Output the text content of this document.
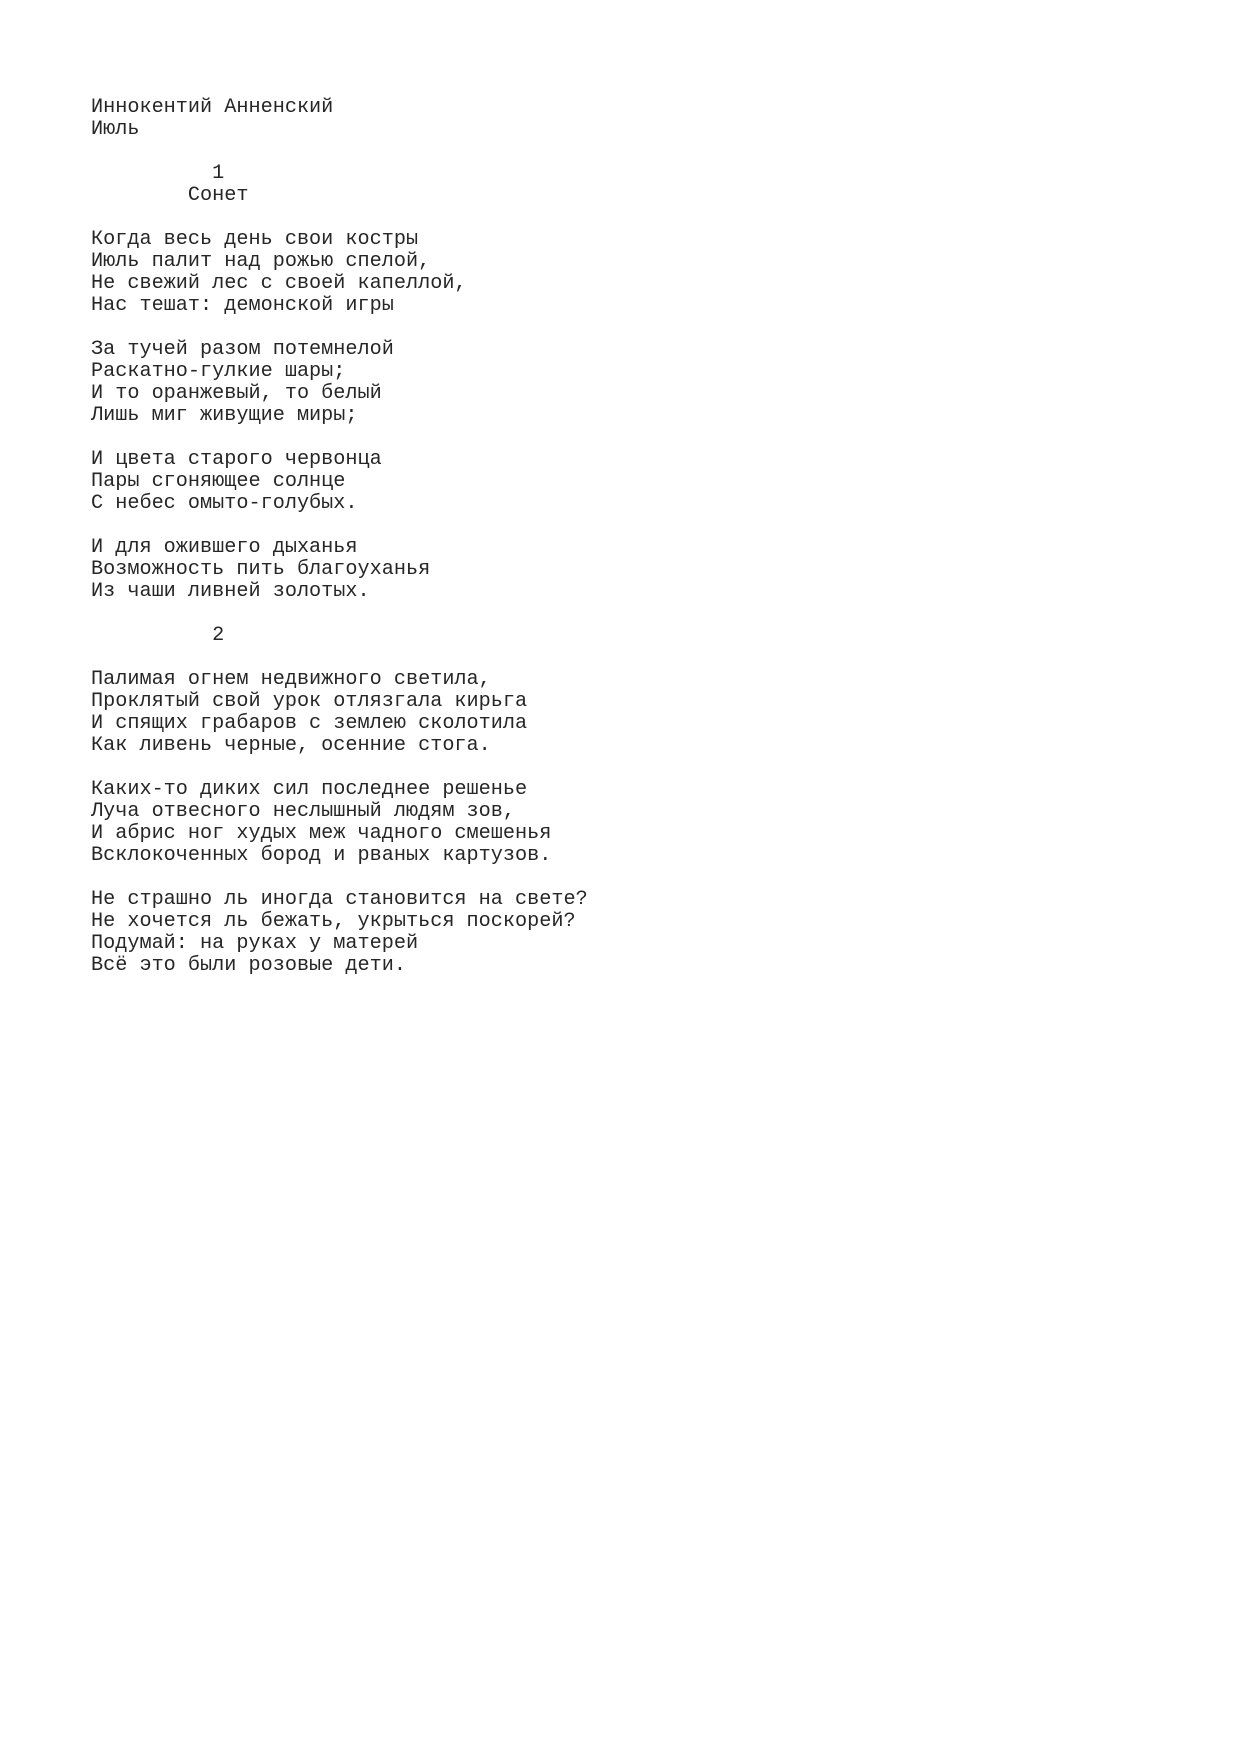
Иннокентий Анненский
Июль
1
Сонет
Когда весь день свои костры
Июль палит над рожью спелой,
Не свежий лес с своей капеллой,
Нас тешат: демонской игры
За тучей разом потемнелой
Раскатно-гулкие шары;
И то оранжевый, то белый
Лишь миг живущие миры;
И цвета старого червонца
Пары сгоняющее солнце
С небес омыто-голубых.
И для ожившего дыханья
Возможность пить благоуханья
Из чаши ливней золотых.
2
Палимая огнем недвижного светила,
Проклятый свой урок отлязгала кирьга
И спящих грабаров с землею сколотила
Как ливень черные, осенние стога.
Каких-то диких сил последнее решенье
Луча отвесного неслышный людям зов,
И абрис ног худых меж чадного смешенья
Всклокоченных бород и рваных картузов.
Не страшно ль иногда становится на свете?
Не хочется ль бежать, укрыться поскорей?
Подумай: на руках у матерей
Всё это были розовые дети.
